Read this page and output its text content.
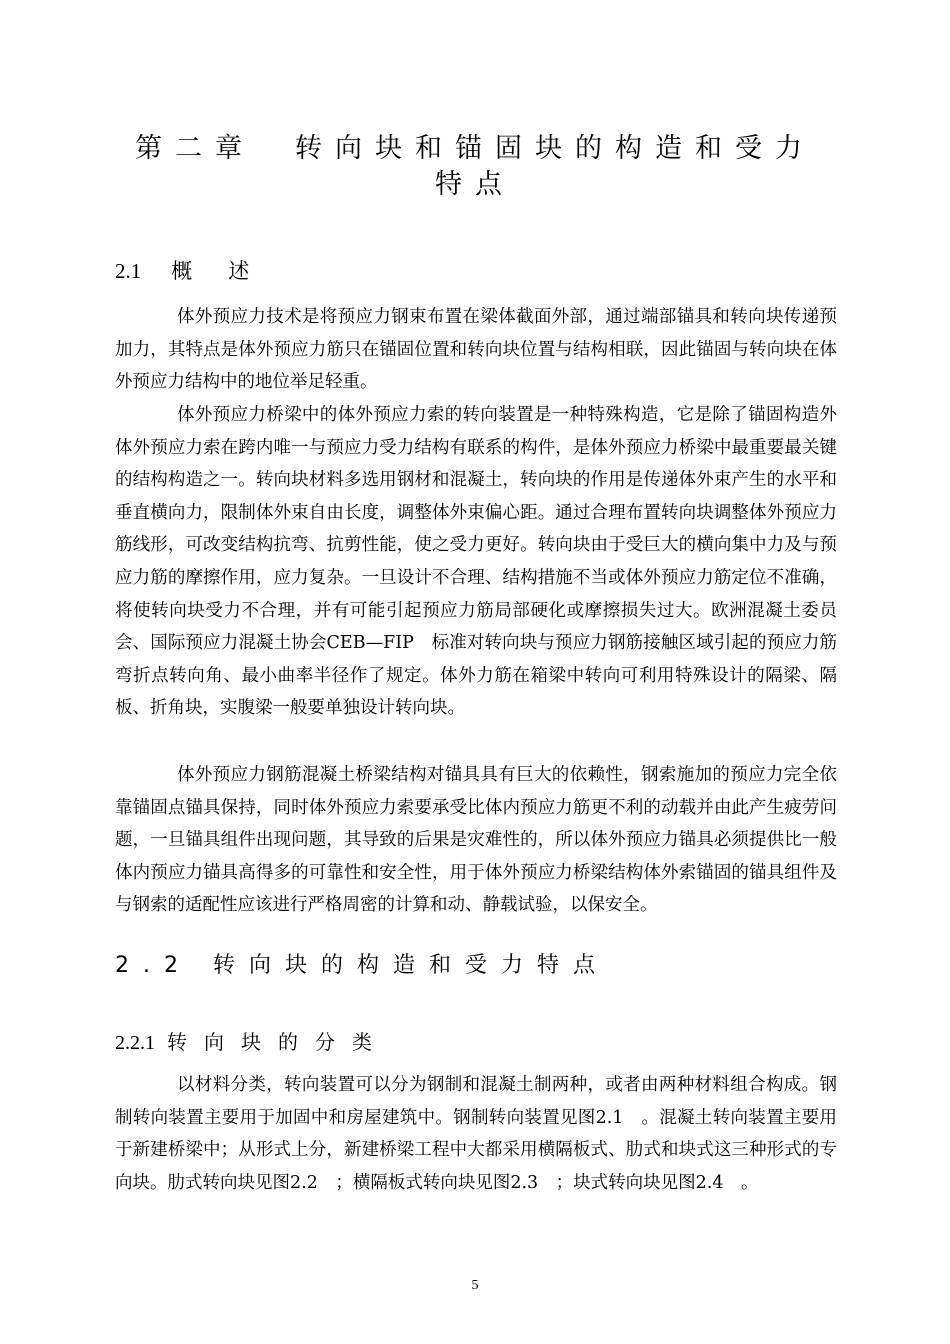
第二章　转向块和锚固块的构造和受力
特点
2.1 概述

体外预应力技术是将预应力钢束布置在梁体截面外部，通过端部锚具和转向块传递预加力，其特点是体外预应力筋只在锚固位置和转向块位置与结构相联，因此锚固与转向块在体外预应力结构中的地位举足轻重。

体外预应力桥梁中的体外预应力索的转向装置是一种特殊构造，它是除了锚固构造外体外预应力索在跨内唯一与预应力受力结构有联系的构件，是体外预应力桥梁中最重要最关键的结构构造之一。转向块材料多选用钢材和混凝土，转向块的作用是传递体外束产生的水平和垂直横向力，限制体外束自由长度，调整体外束偏心距。通过合理布置转向块调整体外预应力筋线形，可改变结构抗弯、抗剪性能，使之受力更好。转向块由于受巨大的横向集中力及与预应力筋的摩擦作用，应力复杂。一旦设计不合理、结构措施不当或体外预应力筋定位不准确，将使转向块受力不合理，并有可能引起预应力筋局部硬化或摩擦损失过大。欧洲混凝土委员会、国际预应力混凝土协会CEB—FIP　标准对转向块与预应力钢筋接触区域引起的预应力筋弯折点转向角、最小曲率半径作了规定。体外力筋在箱梁中转向可利用特殊设计的隔梁、隔板、折角块，实腹梁一般要单独设计转向块。

体外预应力钢筋混凝土桥梁结构对锚具具有巨大的依赖性，钢索施加的预应力完全依靠锚固点锚具保持，同时体外预应力索要承受比体内预应力筋更不利的动载并由此产生疲劳问题，一旦锚具组件出现问题，其导致的后果是灾难性的，所以体外预应力锚具必须提供比一般体内预应力锚具高得多的可靠性和安全性，用于体外预应力桥梁结构体外索锚固的锚具组件及与钢索的适配性应该进行严格周密的计算和动、静载试验，以保安全。

2.2 转向块的构造和受力特点
2.2.1 转向块的分类

以材料分类，转向装置可以分为钢制和混凝土制两种，或者由两种材料组合构成。钢制转向装置主要用于加固中和房屋建筑中。钢制转向装置见图2.1　。混凝土转向装置主要用于新建桥梁中；从形式上分，新建桥梁工程中大都采用横隔板式、肋式和块式这三种形式的专向块。肋式转向块见图2.2　；横隔板式转向块见图2.3　；块式转向块见图2.4　。

5
